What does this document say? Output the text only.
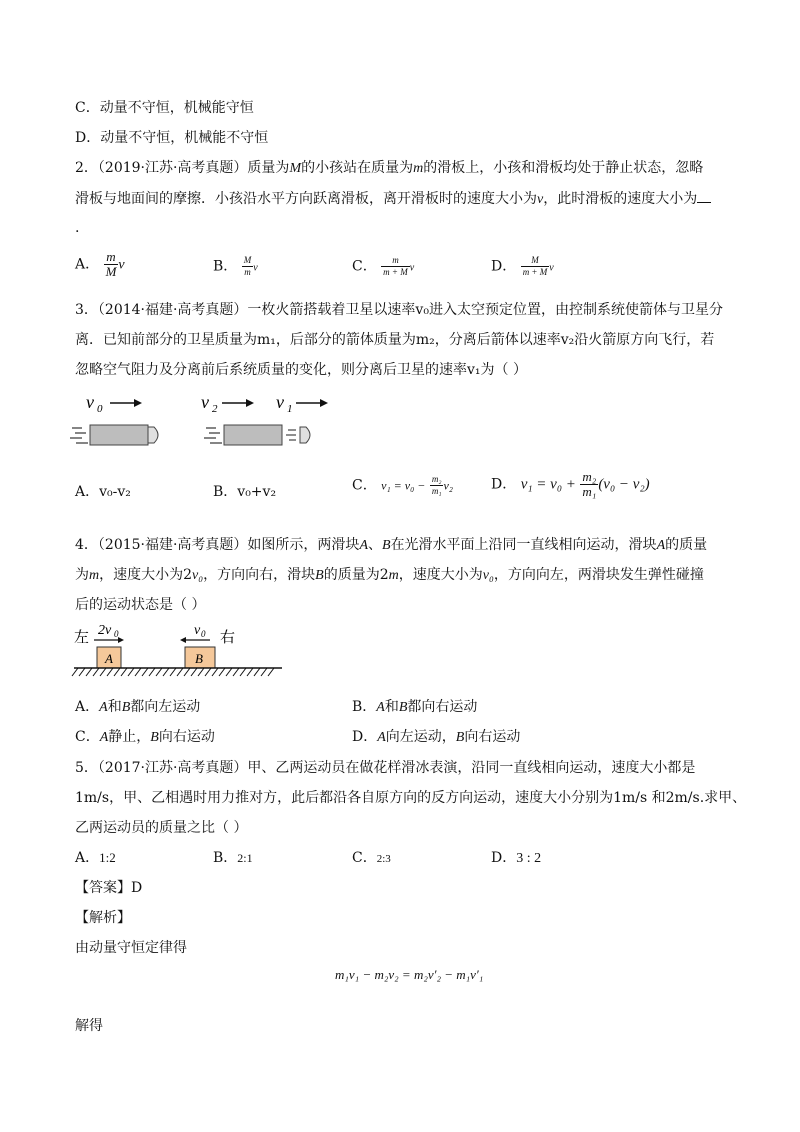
C．动量不守恒，机械能守恒
D．动量不守恒，机械能不守恒
2．（2019·江苏·高考真题）质量为M的小孩站在质量为m的滑板上，小孩和滑板均处于静止状态，忽略
滑板与地面间的摩擦．小孩沿水平方向跃离滑板，离开滑板时的速度大小为v，此时滑板的速度大小为
.
A． $\frac{m}{M}$ v	B． $\frac{M}{m}$ v	C． $\frac{m}{m + M}$ v	D． $\frac{M}{m + M}$ v
3．（2014·福建·高考真题）一枚火箭搭载着卫星以速率v₀进入太空预定位置，由控制系统使箭体与卫星分
离．已知前部分的卫星质量为m₁，后部分的箭体质量为m₂，分离后箭体以速率v₂沿火箭原方向飞行，若
忽略空气阻力及分离前后系统质量的变化，则分离后卫星的速率v₁为（ ）
v 0	v 2	v 1
A．v₀-v₂	B．v₀+v₂	C． $v_1 = v_0 - \frac{\text{m₂}}{\text{m₁}} v_2$	D． $v_1 = v_0 + \frac{\text{m₂}}{\text{m₁}} (v_0 - v_2)$
4．（2015·福建·高考真题）如图所示，两滑块A、B在光滑水平面上沿同一直线相向运动，滑块A的质量
为m，速度大小为2v₀，方向向右，滑块B的质量为2m，速度大小为v₀，方向向左，两滑块发生弹性碰撞
后的运动状态是（ ）
左 2v 0	v 0 右
A	B
A．A和B都向左运动	B．A和B都向右运动
C．A静止，B向右运动	D．A向左运动，B向右运动
5．（2017·江苏·高考真题）甲、乙两运动员在做花样滑冰表演，沿同一直线相向运动，速度大小都是
1m/s，甲、乙相遇时用力推对方，此后都沿各自原方向的反方向运动，速度大小分别为1m/s 和2m/s.求甲、
乙两运动员的质量之比（ ）
A．1:2	B．2:1	C．2:3	D．3 : 2
【答案】D
【解析】
由动量守恒定律得
m₁v₁ − m₂v₂ = m₂v′₂ − m₁v′₁
解得
